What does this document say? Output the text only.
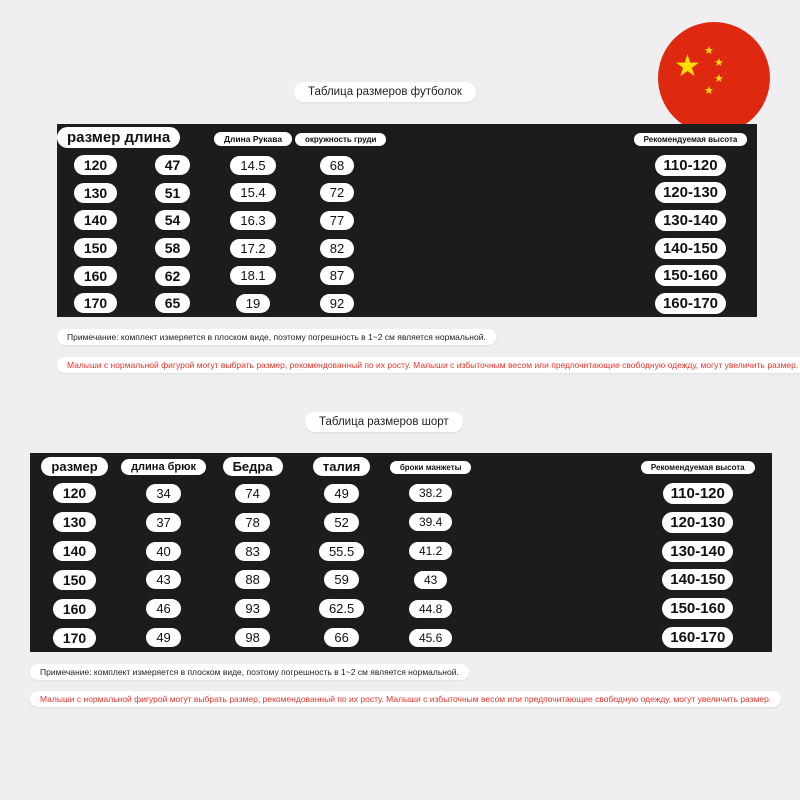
★ ★
★
★
★
Таблица размеров футболок
размер длина		Длина Рукава	окружность груди				Рекомендуемая высота
120	47	14.5	68				110-120
130	51	15.4	72				120-130
140	54	16.3	77				130-140
150	58	17.2	82				140-150
160	62	18.1	87				150-160
170	65	19	92				160-170
Примечание: комплект измеряется в плоском виде, поэтому погрешность в 1~2 см является нормальной.
Малыши с нормальной фигурой могут выбрать размер, рекомендованный по их росту. Малыши с избыточным весом или предпочитающие свободную одежду, могут увеличить размер.
Таблица размеров шорт
размер	длина брюк	Бедра	талия	броки манжеты			Рекомендуемая высота
120	34	74	49	38.2			110-120
130	37	78	52	39.4			120-130
140	40	83	55.5	41.2			130-140
150	43	88	59	43			140-150
160	46	93	62.5	44.8			150-160
170	49	98	66	45.6			160-170
Примечание: комплект измеряется в плоском виде, поэтому погрешность в 1~2 см является нормальной.
Малыши с нормальной фигурой могут выбрать размер, рекомендованный по их росту. Малыши с избыточным весом или предпочитающие свободную одежду, могут увеличить размер.
